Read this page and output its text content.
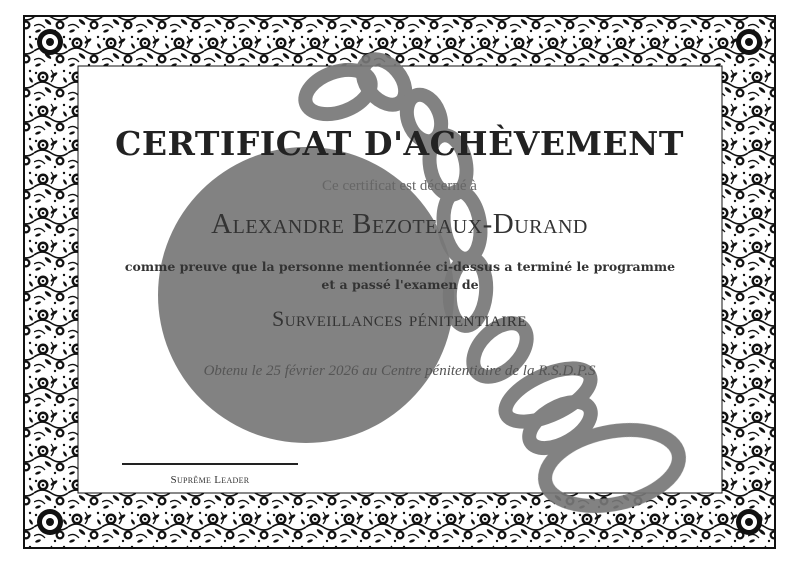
CERTIFICAT D'ACHÈVEMENT
Ce certificat est décerné à
Alexandre Bezoteaux-Durand
comme preuve que la personne mentionnée ci-dessus a terminé le programme
et a passé l'examen de
Surveillances pénitentiaire
Obtenu le 25 février 2026 au Centre pénitentiaire de la R.S.D.P.S
Suprême Leader
